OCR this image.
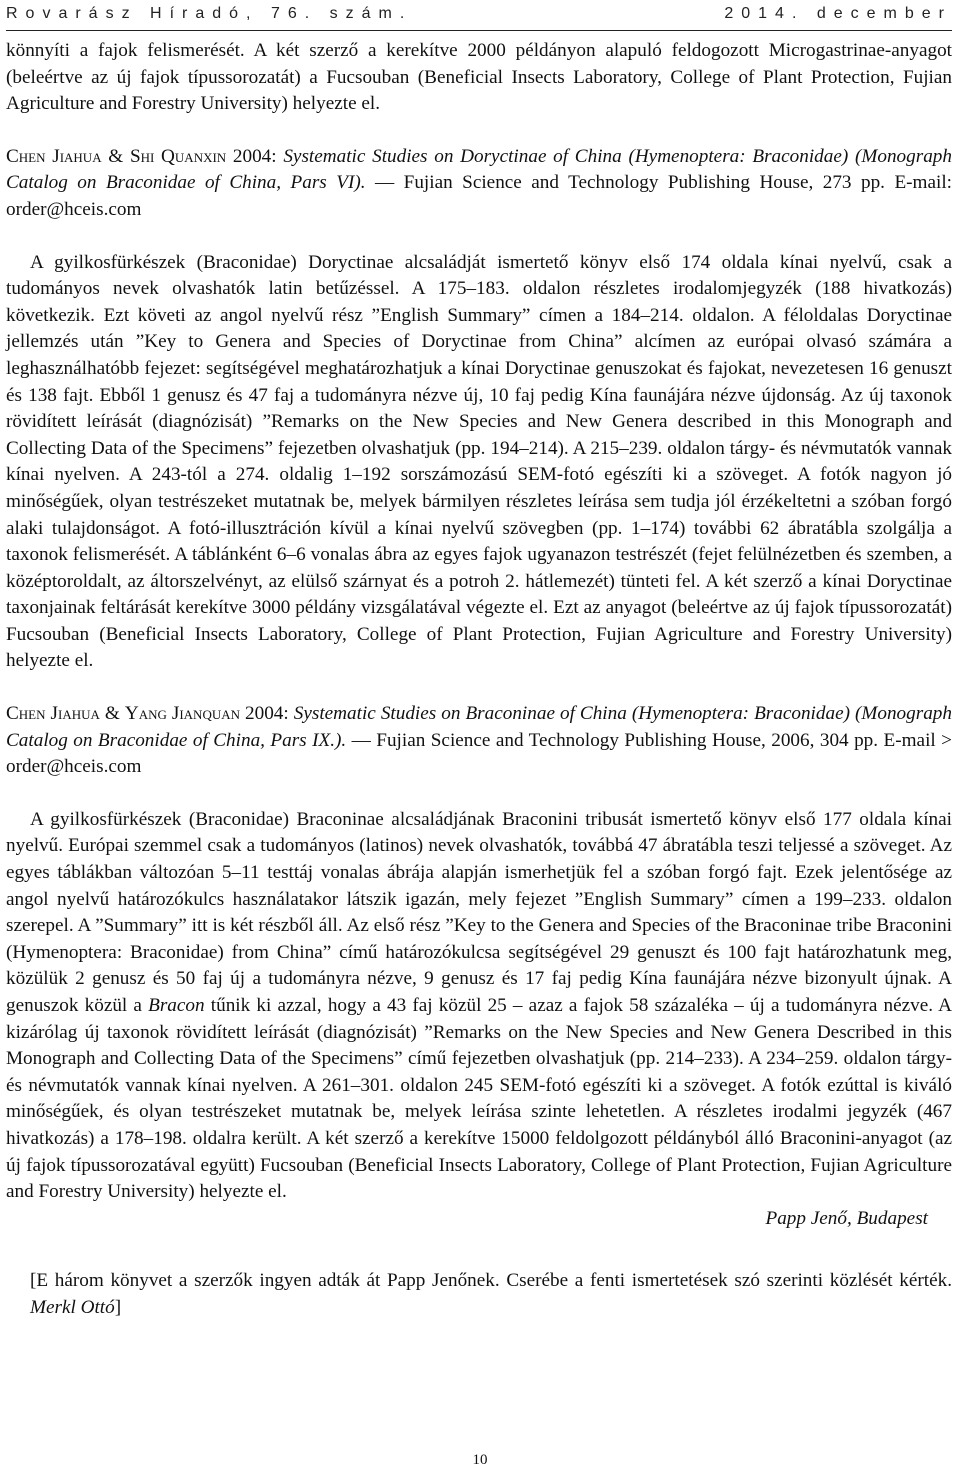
Rovarász Híradó, 76. szám.	2014. december

könnyíti a fajok felismerését. A két szerző a kerekítve 2000 példányon alapuló feldogozott Microgastrinae-anyagot (beleértve az új fajok típussorozatát) a Fucsouban (Beneficial Insects Laboratory, College of Plant Protection, Fujian Agriculture and Forestry University) helyezte el.

Chen Jiahua & Shi Quanxin 2004: Systematic Studies on Doryctinae of China (Hymenoptera: Braconidae) (Monograph Catalog on Braconidae of China, Pars VI). –– Fujian Science and Technology Publishing House, 273 pp. E-mail: order@hceis.com

A gyilkosfürkészek (Braconidae) Doryctinae alcsaládját ismertető könyv első 174 oldala kínai nyelvű, csak a tudományos nevek olvashatók latin betűzéssel. A 175–183. oldalon részletes irodalomjegyzék (188 hivatkozás) következik. Ezt követi az angol nyelvű rész ”English Summary” címen a 184–214. oldalon. A féloldalas Doryctinae jellemzés után ”Key to Genera and Species of Doryctinae from China” alcímen az európai olvasó számára a leghasználhatóbb fejezet: segítségével meghatározhatjuk a kínai Doryctinae genuszokat és fajokat, nevezetesen 16 genuszt és 138 fajt. Ebből 1 genusz és 47 faj a tudományra nézve új, 10 faj pedig Kína faunájára nézve újdonság. Az új taxonok rövidített leírását (diagnózisát) ”Remarks on the New Species and New Genera described in this Monograph and Collecting Data of the Specimens” fejezetben olvashatjuk (pp. 194–214). A 215–239. oldalon tárgy- és névmutatók vannak kínai nyelven. A 243-tól a 274. oldalig 1–192 sorszámozású SEM-fotó egészíti ki a szöveget. A fotók nagyon jó minőségűek, olyan testrészeket mutatnak be, melyek bármilyen részletes leírása sem tudja jól érzékeltetni a szóban forgó alaki tulajdonságot. A fotó-illusztráción kívül a kínai nyelvű szövegben (pp. 1–174) további 62 ábratábla szolgálja a taxonok felismerését. A táblánként 6–6 vonalas ábra az egyes fajok ugyanazon testrészét (fejet felülnézetben és szemben, a középtoroldalt, az áltorszelvényt, az elülső szárnyat és a potroh 2. hátlemezét) tünteti fel. A két szerző a kínai Doryctinae taxonjainak feltárását kerekítve 3000 példány vizsgálatával végezte el. Ezt az anyagot (beleértve az új fajok típussorozatát) Fucsouban (Beneficial Insects Laboratory, College of Plant Protection, Fujian Agriculture and Forestry University) helyezte el.

Chen Jiahua & Yang Jianquan 2004: Systematic Studies on Braconinae of China (Hymenoptera: Braconidae) (Monograph Catalog on Braconidae of China, Pars IX.). –– Fujian Science and Technology Publishing House, 2006, 304 pp. E-mail > order@hceis.com

A gyilkosfürkészek (Braconidae) Braconinae alcsaládjának Braconini tribusát ismertető könyv első 177 oldala kínai nyelvű. Európai szemmel csak a tudományos (latinos) nevek olvashatók, továbbá 47 ábratábla teszi teljessé a szöveget. Az egyes táblákban változóan 5–11 testtáj vonalas ábrája alapján ismerhetjük fel a szóban forgó fajt. Ezek jelentősége az angol nyelvű határozókulcs használatakor látszik igazán, mely fejezet ”English Summary” címen a 199–233. oldalon szerepel. A ”Summary” itt is két részből áll. Az első rész ”Key to the Genera and Species of the Braconinae tribe Braconini (Hymenoptera: Braconidae) from China” című határozókulcsa segítségével 29 genuszt és 100 fajt határozhatunk meg, közülük 2 genusz és 50 faj új a tudományra nézve, 9 genusz és 17 faj pedig Kína faunájára nézve bizonyult újnak. A genuszok közül a Bracon tűnik ki azzal, hogy a 43 faj közül 25 – azaz a fajok 58 százaléka – új a tudományra nézve. A kizárólag új taxonok rövidített leírását (diagnózisát) ”Remarks on the New Species and New Genera Described in this Monograph and Collecting Data of the Specimens” című fejezetben olvashatjuk (pp. 214–233). A 234–259. oldalon tárgy- és névmutatók vannak kínai nyelven. A 261–301. oldalon 245 SEM-fotó egészíti ki a szöveget. A fotók ezúttal is kiváló minőségűek, és olyan testrészeket mutatnak be, melyek leírása szinte lehetetlen. A részletes irodalmi jegyzék (467 hivatkozás) a 178–198. oldalra került. A két szerző a kerekítve 15000 feldolgozott példányból álló Braconini-anyagot (az új fajok típussorozatával együtt) Fucsouban (Beneficial Insects Laboratory, College of Plant Protection, Fujian Agriculture and Forestry University) helyezte el.

Papp Jenő, Budapest

[E három könyvet a szerzők ingyen adták át Papp Jenőnek. Cserébe a fenti ismertetések szó szerinti közlését kérték. Merkl Ottó]

10
